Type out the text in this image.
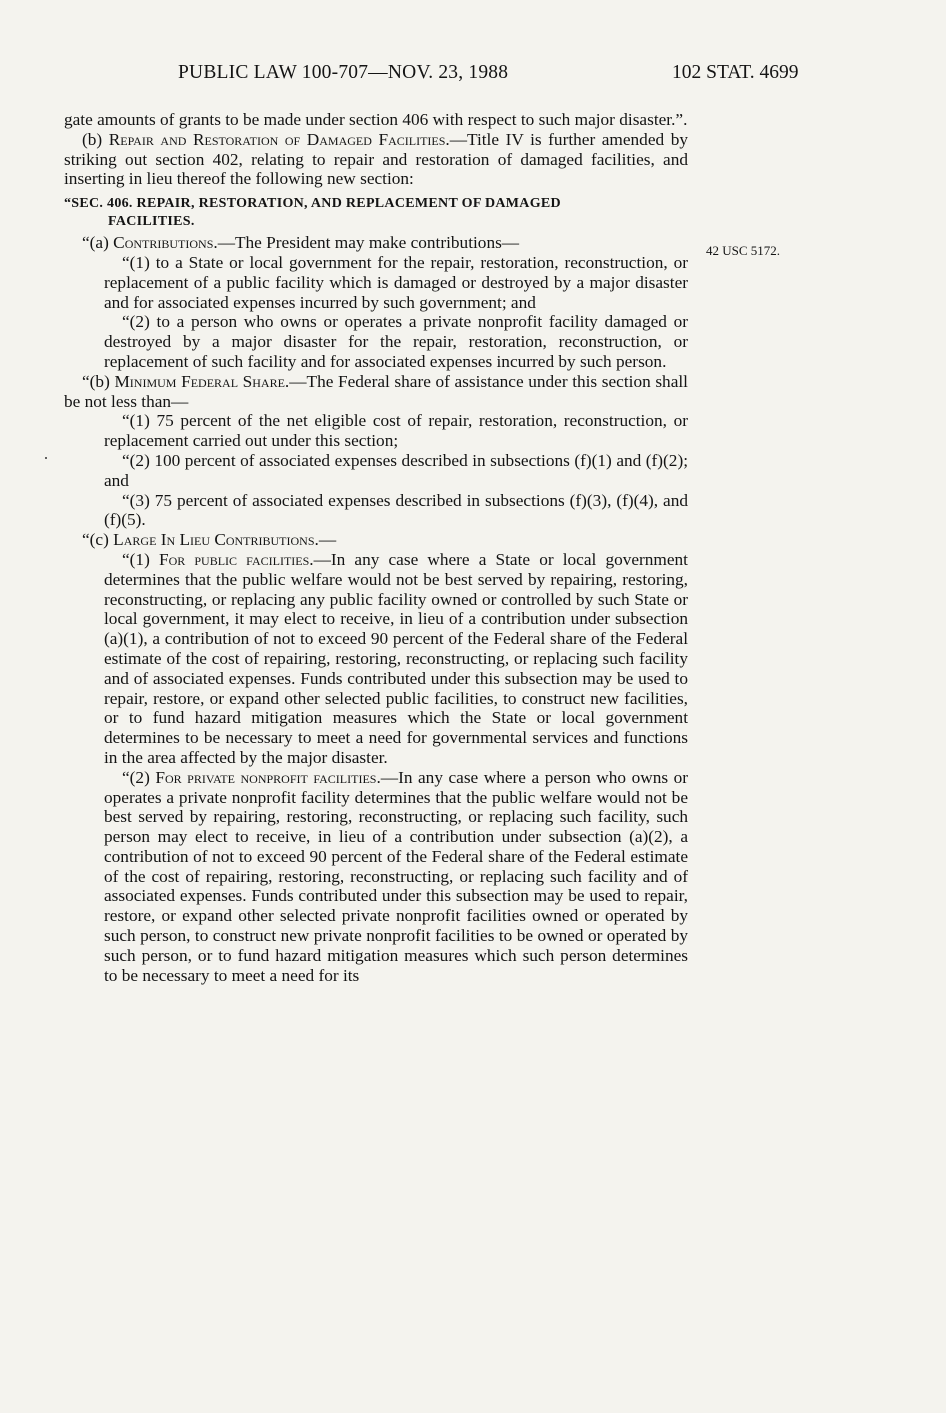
PUBLIC LAW 100-707—NOV. 23, 1988	102 STAT. 4699
42 USC 5172.

gate amounts of grants to be made under section 406 with respect to such major disaster.”.

(b) Repair and Restoration of Damaged Facilities.—Title IV is further amended by striking out section 402, relating to repair and restoration of damaged facilities, and inserting in lieu thereof the following new section:

“SEC. 406. REPAIR, RESTORATION, AND REPLACEMENT OF DAMAGED
FACILITIES.

“(a) Contributions.—The President may make contributions—

“(1) to a State or local government for the repair, restoration, reconstruction, or replacement of a public facility which is damaged or destroyed by a major disaster and for associated expenses incurred by such government; and

“(2) to a person who owns or operates a private nonprofit facility damaged or destroyed by a major disaster for the repair, restoration, reconstruction, or replacement of such facility and for associated expenses incurred by such person.

“(b) Minimum Federal Share.—The Federal share of assistance under this section shall be not less than—

“(1) 75 percent of the net eligible cost of repair, restoration, reconstruction, or replacement carried out under this section;

“(2) 100 percent of associated expenses described in subsections (f)(1) and (f)(2); and

“(3) 75 percent of associated expenses described in subsections (f)(3), (f)(4), and (f)(5).

“(c) Large In Lieu Contributions.—

“(1) For public facilities.—In any case where a State or local government determines that the public welfare would not be best served by repairing, restoring, reconstructing, or replacing any public facility owned or controlled by such State or local government, it may elect to receive, in lieu of a contribution under subsection (a)(1), a contribution of not to exceed 90 percent of the Federal share of the Federal estimate of the cost of repairing, restoring, reconstructing, or replacing such facility and of associated expenses. Funds contributed under this subsection may be used to repair, restore, or expand other selected public facilities, to construct new facilities, or to fund hazard mitigation measures which the State or local government determines to be necessary to meet a need for governmental services and functions in the area affected by the major disaster.

“(2) For private nonprofit facilities.—In any case where a person who owns or operates a private nonprofit facility determines that the public welfare would not be best served by repairing, restoring, reconstructing, or replacing such facility, such person may elect to receive, in lieu of a contribution under subsection (a)(2), a contribution of not to exceed 90 percent of the Federal share of the Federal estimate of the cost of repairing, restoring, reconstructing, or replacing such facility and of associated expenses. Funds contributed under this subsection may be used to repair, restore, or expand other selected private nonprofit facilities owned or operated by such person, to construct new private nonprofit facilities to be owned or operated by such person, or to fund hazard mitigation measures which such person determines to be necessary to meet a need for its
